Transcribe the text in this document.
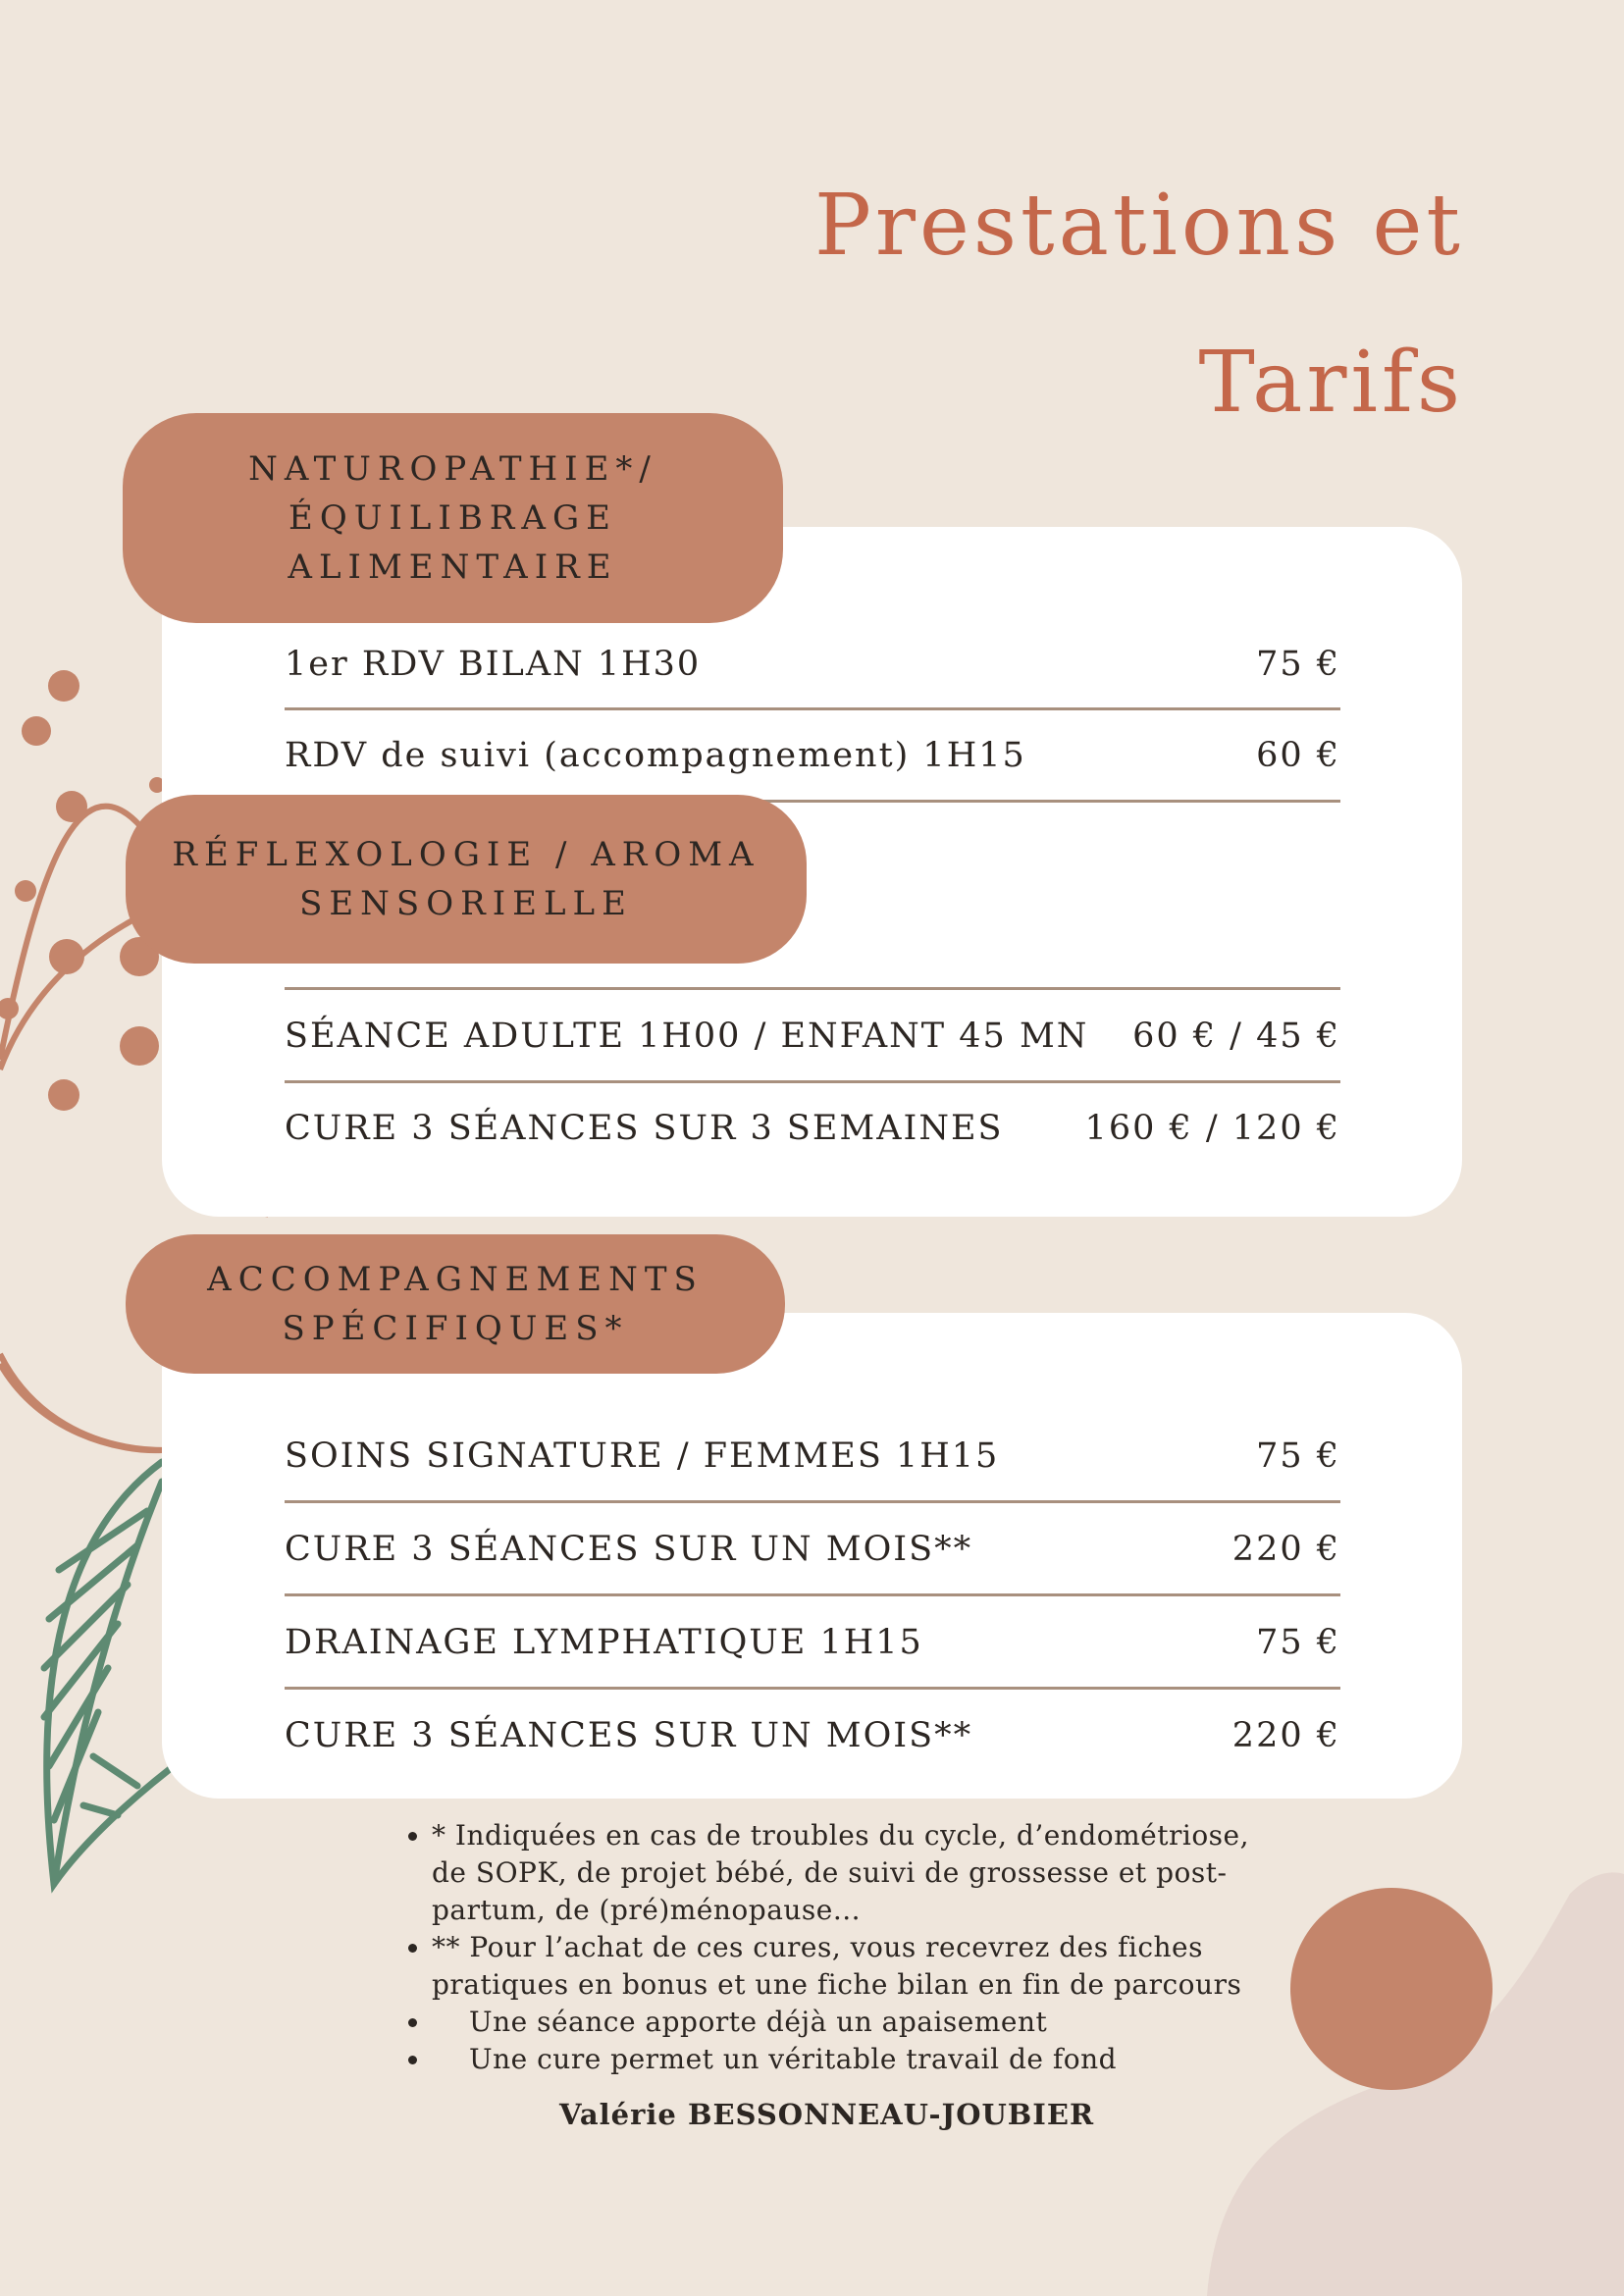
Prestations et
Tarifs
NATUROPATHIE*/
ÉQUILIBRAGE
ALIMENTAIRE
1er RDV BILAN 1H30	75 €
RDV de suivi (accompagnement) 1H15	60 €
RÉFLEXOLOGIE / AROMA
SENSORIELLE
SÉANCE ADULTE 1H00 / ENFANT 45 MN 60 € / 45 €
CURE 3 SÉANCES SUR 3 SEMAINES 160 € / 120 €
ACCOMPAGNEMENTS
SPÉCIFIQUES*
SOINS SIGNATURE / FEMMES 1H15	75 €
CURE 3 SÉANCES SUR UN MOIS**	220 €
DRAINAGE LYMPHATIQUE 1H15	75 €
CURE 3 SÉANCES SUR UN MOIS**	220 €
• * Indiquées en cas de troubles du cycle, d’endométriose, de SOPK, de projet bébé, de suivi de grossesse et post-partum, de (pré)ménopause...
• ** Pour l’achat de ces cures, vous recevrez des fiches pratiques en bonus et une fiche bilan en fin de parcours
• Une séance apporte déjà un apaisement
• Une cure permet un véritable travail de fond
Valérie BESSONNEAU-JOUBIER
